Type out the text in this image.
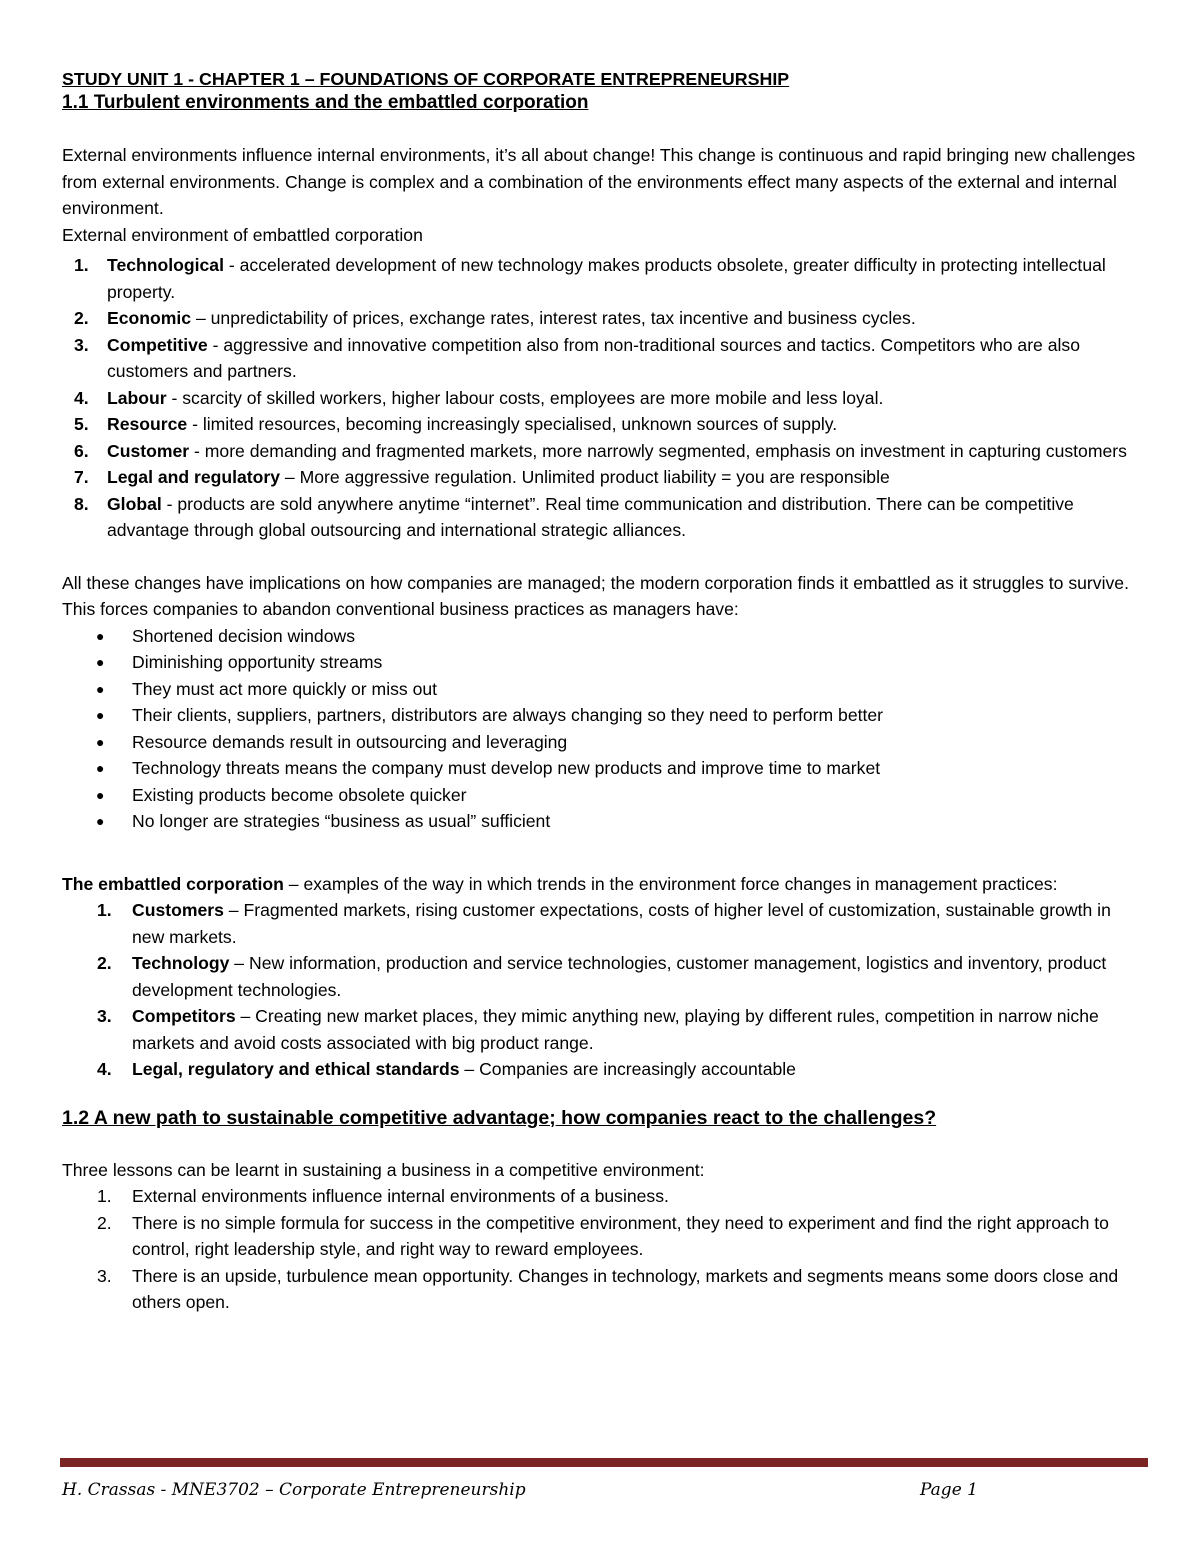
STUDY UNIT 1 - CHAPTER 1 – FOUNDATIONS OF CORPORATE ENTREPRENEURSHIP

1.1 Turbulent environments and the embattled corporation

External environments influence internal environments, it’s all about change! This change is continuous and rapid bringing new challenges from external environments. Change is complex and a combination of the environments effect many aspects of the external and internal environment.

External environment of embattled corporation

1. Technological - accelerated development of new technology makes products obsolete, greater difficulty in protecting intellectual property.
2. Economic – unpredictability of prices, exchange rates, interest rates, tax incentive and business cycles.
3. Competitive - aggressive and innovative competition also from non-traditional sources and tactics. Competitors who are also customers and partners.
4. Labour - scarcity of skilled workers, higher labour costs, employees are more mobile and less loyal.
5. Resource - limited resources, becoming increasingly specialised, unknown sources of supply.
6. Customer - more demanding and fragmented markets, more narrowly segmented, emphasis on investment in capturing customers
7. Legal and regulatory – More aggressive regulation. Unlimited product liability = you are responsible
8. Global - products are sold anywhere anytime “internet”. Real time communication and distribution. There can be competitive advantage through global outsourcing and international strategic alliances.

All these changes have implications on how companies are managed; the modern corporation finds it embattled as it struggles to survive. This forces companies to abandon conventional business practices as managers have:

● Shortened decision windows
● Diminishing opportunity streams
● They must act more quickly or miss out
● Their clients, suppliers, partners, distributors are always changing so they need to perform better
● Resource demands result in outsourcing and leveraging
● Technology threats means the company must develop new products and improve time to market
● Existing products become obsolete quicker
● No longer are strategies “business as usual” sufficient

The embattled corporation – examples of the way in which trends in the environment force changes in management practices:

1. Customers – Fragmented markets, rising customer expectations, costs of higher level of customization, sustainable growth in new markets.
2. Technology – New information, production and service technologies, customer management, logistics and inventory, product development technologies.
3. Competitors – Creating new market places, they mimic anything new, playing by different rules, competition in narrow niche markets and avoid costs associated with big product range.
4. Legal, regulatory and ethical standards – Companies are increasingly accountable

1.2 A new path to sustainable competitive advantage; how companies react to the challenges?

Three lessons can be learnt in sustaining a business in a competitive environment:

1. External environments influence internal environments of a business.
2. There is no simple formula for success in the competitive environment, they need to experiment and find the right approach to control, right leadership style, and right way to reward employees.
3. There is an upside, turbulence mean opportunity. Changes in technology, markets and segments means some doors close and others open.
H. Crassas - MNE3702 – Corporate Entrepreneurship	Page 1
